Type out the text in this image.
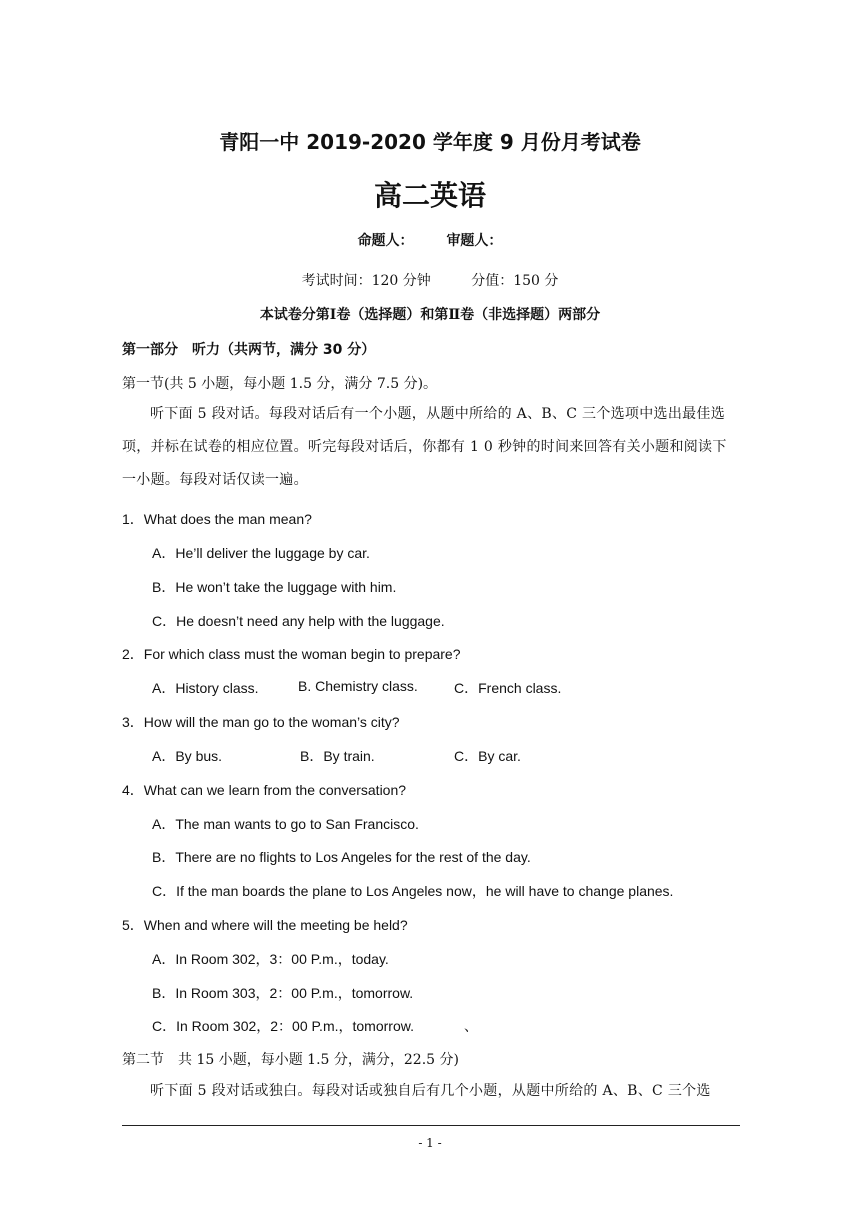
青阳一中 2019-2020 学年度 9 月份月考试卷
高二英语
命题人： 审题人：
考试时间：120 分钟	分值：150 分
本试卷分第Ⅰ卷（选择题）和第Ⅱ卷（非选择题）两部分
第一部分　听力（共两节，满分 30 分）
第一节(共 5 小题，每小题 1.5 分，满分 7.5 分)。
听下面 5 段对话。每段对话后有一个小题，从题中所给的 A、B、C 三个选项中选出最佳选项，并标在试卷的相应位置。听完每段对话后，你都有 1 0 秒钟的时间来回答有关小题和阅读下一小题。每段对话仅读一遍。
1．What does the man mean?
A．He’ll deliver the luggage by car.
B．He won’t take the luggage with him.
C．He doesn’t need any help with the luggage.
2．For which class must the woman begin to prepare?
A．History class.	B. Chemistry class.	C．French class.
3．How will the man go to the woman’s city?
A．By bus.	B．By train.	C．By car.
4．What can we learn from the conversation?
A．The man wants to go to San Francisco.
B．There are no flights to Los Angeles for the rest of the day.
C．If the man boards the plane to Los Angeles now，he will have to change planes.
5．When and where will the meeting be held?
A．In Room 302，3：00 P.m.，today.
B．In Room 303，2：00 P.m.，tomorrow.
C．In Room 302，2：00 P.m.，tomorrow.	、
第二节　共 15 小题，每小题 1.5 分，满分，22.5 分)
听下面 5 段对话或独白。每段对话或独自后有几个小题，从题中所给的 A、B、C 三个选
- 1 -
